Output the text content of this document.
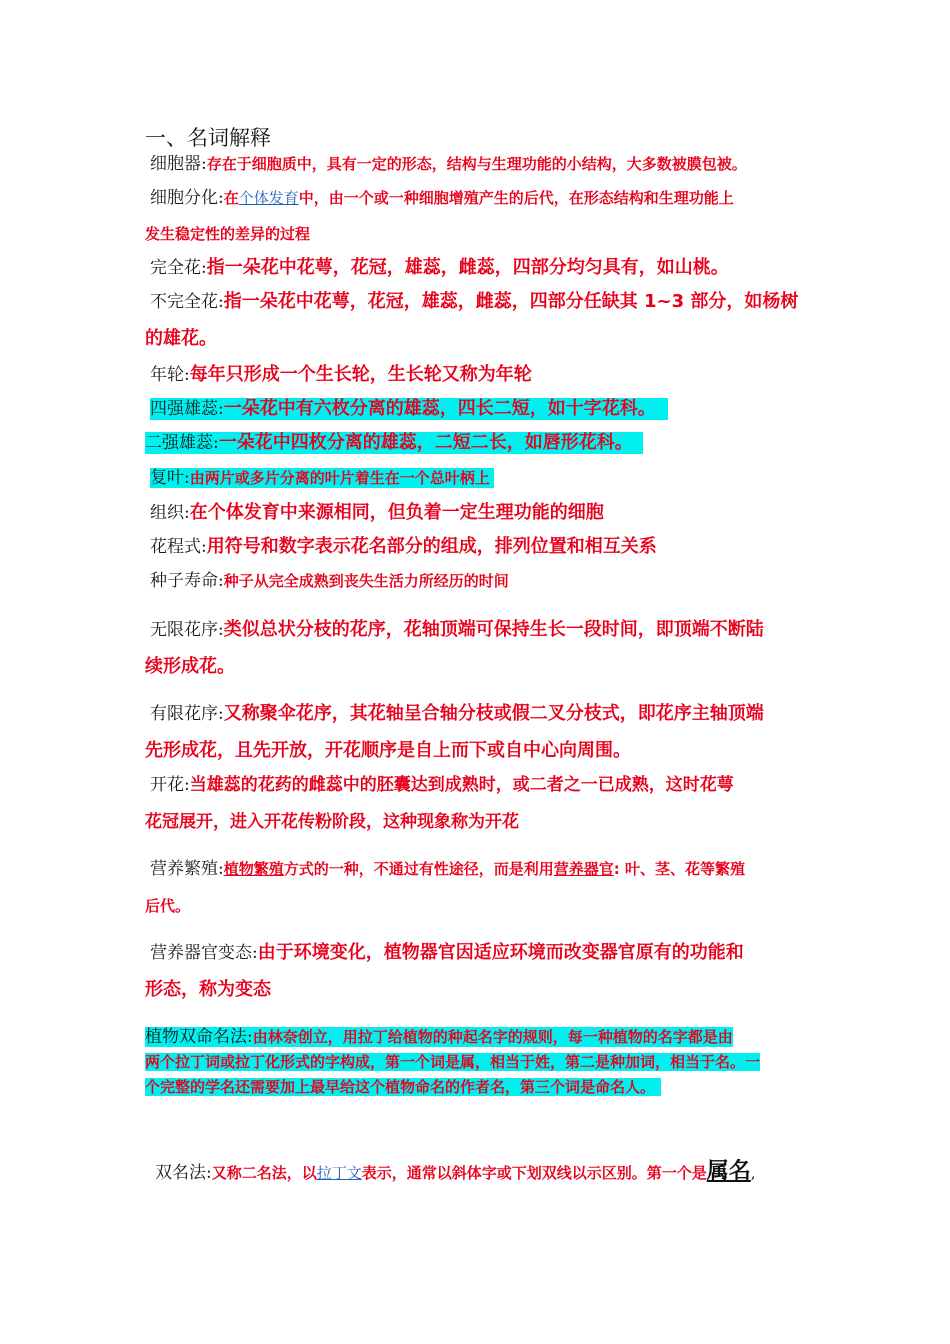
一、名词解释
细胞器:存在于细胞质中，具有一定的形态，结构与生理功能的小结构，大多数被膜包被。
细胞分化:在个体发育中，由一个或一种细胞增殖产生的后代，在形态结构和生理功能上
发生稳定性的差异的过程
完全花:指一朵花中花萼，花冠，雄蕊，雌蕊，四部分均匀具有，如山桃。
不完全花:指一朵花中花萼，花冠，雄蕊，雌蕊，四部分任缺其 1~3 部分，如杨树
的雄花。
年轮:每年只形成一个生长轮，生长轮又称为年轮
四强雄蕊:一朵花中有六枚分离的雄蕊，四长二短，如十字花科。
二强雄蕊:一朵花中四枚分离的雄蕊，二短二长，如唇形花科。
复叶:由两片或多片分离的叶片着生在一个总叶柄上
组织:在个体发育中来源相同，但负着一定生理功能的细胞
花程式:用符号和数字表示花名部分的组成，排列位置和相互关系
种子寿命:种子从完全成熟到丧失生活力所经历的时间
无限花序:类似总状分枝的花序，花轴顶端可保持生长一段时间，即顶端不断陆
续形成花。
有限花序:又称聚伞花序，其花轴呈合轴分枝或假二叉分枝式，即花序主轴顶端
先形成花，且先开放，开花顺序是自上而下或自中心向周围。
开花:当雄蕊的花药的雌蕊中的胚囊达到成熟时，或二者之一已成熟，这时花萼
花冠展开，进入开花传粉阶段，这种现象称为开花
营养繁殖:植物繁殖方式的一种，不通过有性途径，而是利用营养器官: 叶、茎、花等繁殖
后代。
营养器官变态:由于环境变化，植物器官因适应环境而改变器官原有的功能和
形态，称为变态
植物双命名法:由林奈创立，用拉丁给植物的种起名字的规则，每一种植物的名字都是由
两个拉丁词或拉丁化形式的字构成，第一个词是属，相当于姓，第二是种加词，相当于名。一
个完整的学名还需要加上最早给这个植物命名的作者名，第三个词是命名人。
双名法:又称二名法，以拉丁文表示，通常以斜体字或下划双线以示区别。第一个是属名,
